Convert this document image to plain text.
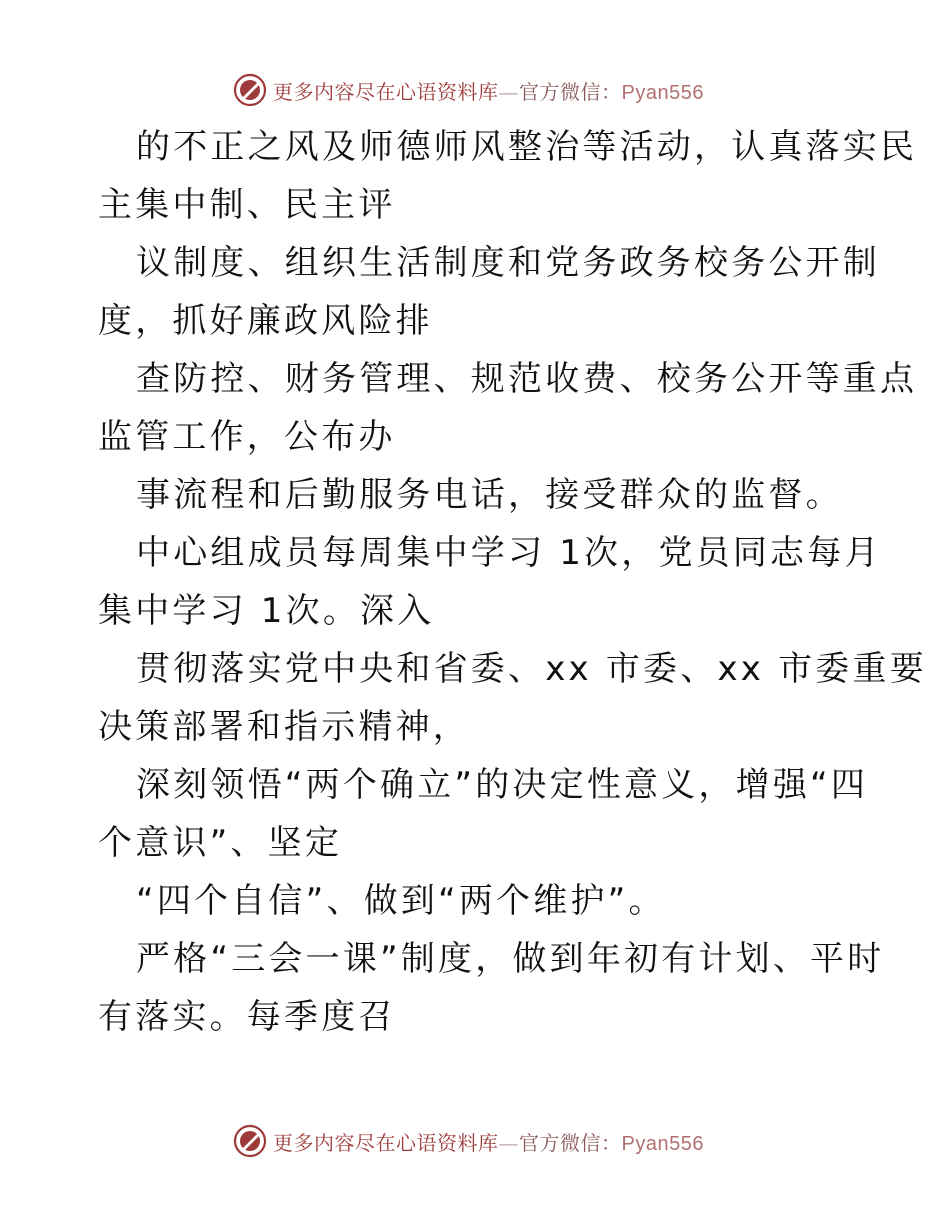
更多内容尽在心语资料库—官方微信：Pyan556
的不正之风及师德师风整治等活动，认真落实民
主集中制、民主评
议制度、组织生活制度和党务政务校务公开制
度，抓好廉政风险排
查防控、财务管理、规范收费、校务公开等重点
监管工作，公布办
事流程和后勤服务电话，接受群众的监督。
中心组成员每周集中学习 1次，党员同志每月
集中学习 1次。深入
贯彻落实党中央和省委、xx 市委、xx 市委重要
决策部署和指示精神，
深刻领悟“两个确立”的决定性意义，增强“四
个意识”、坚定
“四个自信”、做到“两个维护”。
严格“三会一课”制度，做到年初有计划、平时
有落实。每季度召
更多内容尽在心语资料库—官方微信：Pyan556
